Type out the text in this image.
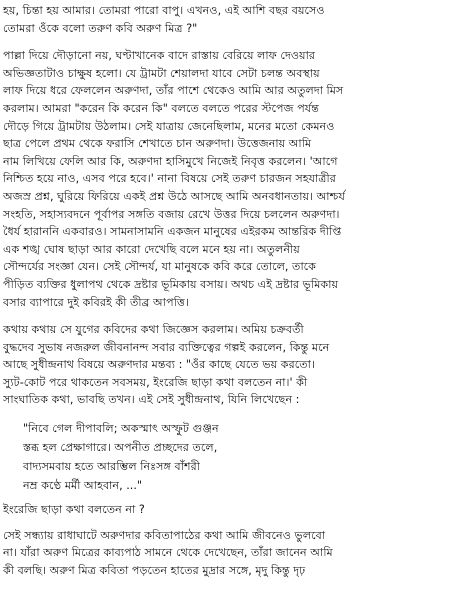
হয়, চিন্তা হয় আমার। তোমরা পারো বাপু। এখনও, এই আশি বছর বয়সেও
তোমরা ওঁকে বলো তরুণ কবি অরুণ মিত্র ?"
পাল্লা দিয়ে দৌড়ানো নয়, ঘণ্টাখানেক বাদে রাস্তায় বেরিয়ে লাফ দেওয়ার
অভিজ্ঞতাটাও চাক্ষুষ হলো। যে ট্রামটা শেয়ালদা যাবে সেটা চলন্ত অবস্থায়
লাফ দিয়ে ধরে ফেললেন অরুণদা, তাঁর পাশে থেকেও আমি আর অতুলদা মিস
করলাম। আমরা "করেন কি করেন কি" বলতে বলতে পরের স্টপেজ পর্যন্ত
দৌড়ে গিয়ে ট্রামটায় উঠলাম। সেই যাত্রায় জেনেছিলাম, মনের মতো কেমনও
ছাত্র পেলে প্রথম থেকে ফরাসি শেখাতে চান অরুণদা। উত্তেজনায় আমি
নাম লিখিয়ে ফেলি আর কি, অরুণদা হাসিমুখে নিজেই নিবৃত্ত করলেন। 'আগে
নিশ্চিত হয়ে নাও, এসব পরে হবে।' নানা বিষয়ে সেই তরুণ চারজন সহযাত্রীর
অজস্র প্রশ্ন, ঘুরিয়ে ফিরিয়ে একই প্রশ্ন উঠে আসছে আমি অনবধানতায়। আশ্চর্য
সংহতি, সহাস্যবদনে পূর্বাপর সঙ্গতি বজায় রেখে উত্তর দিয়ে চললেন অরুণদা।
ধৈর্য হারাননি একবারও। সামনাসামনি একজন মানুষের এইরকম আন্তরিক দীপ্তি
এক শঙ্খ ঘোষ ছাড়া আর কারো দেখেছি বলে মনে হয় না। অতুলনীয়
সৌন্দর্যের সংজ্ঞা যেন। সেই সৌন্দর্য, যা মানুষকে কবি করে তোলে, তাকে
পীড়িত ব্যক্তির ধুলাপথ থেকে দ্রষ্টার ভূমিকায় বসায়। অথচ এই দ্রষ্টার ভূমিকায়
বসার ব্যাপারে দুই কবিরই কী তীব্র আপত্তি।
কথায় কথায় সে যুগের কবিদের কথা জিজ্ঞেস করলাম। অমিয় চক্রবর্তী
বুদ্ধদেব সুভাষ নজরুল জীবনানন্দ সবার ব্যক্তিত্বের গল্পই করলেন, কিন্তু মনে
আছে সুধীন্দ্রনাথ বিষয়ে অরুণদার মন্তব্য : "ওঁর কাছে যেতে ভয় করতো।
স্যুট-কোট পরে থাকতেন সবসময়, ইংরেজি ছাড়া কথা বলতেন না।' কী
সাংঘাতিক কথা, ভাবছি তখন। এই সেই সুধীন্দ্রনাথ, যিনি লিখেছেন :
"নিবে গেল দীপাবলি; অকস্মাৎ অস্ফুট গুঞ্জন
স্তব্ধ হল প্রেক্ষাগারে। অপনীত প্রচ্ছদের তলে,
বাদ্যসমবায় হতে আরম্ভিল নিঃসঙ্গ বাঁশরী
নম্র কণ্ঠে মর্মী আহবান, ..."
ইংরেজি ছাড়া কথা বলতেন না ?
সেই সন্ধ্যায় রাধাঘাটে অরুণদার কবিতাপাঠের কথা আমি জীবনেও ভুলবো
না। যাঁরা অরুণ মিত্রের কাব্যপাঠ সামনে থেকে দেখেছেন, তাঁরা জানেন আমি
কী বলছি। অরুণ মিত্র কবিতা পড়তেন হাতের মুদ্রার সঙ্গে, মৃদু কিন্তু দৃঢ়
